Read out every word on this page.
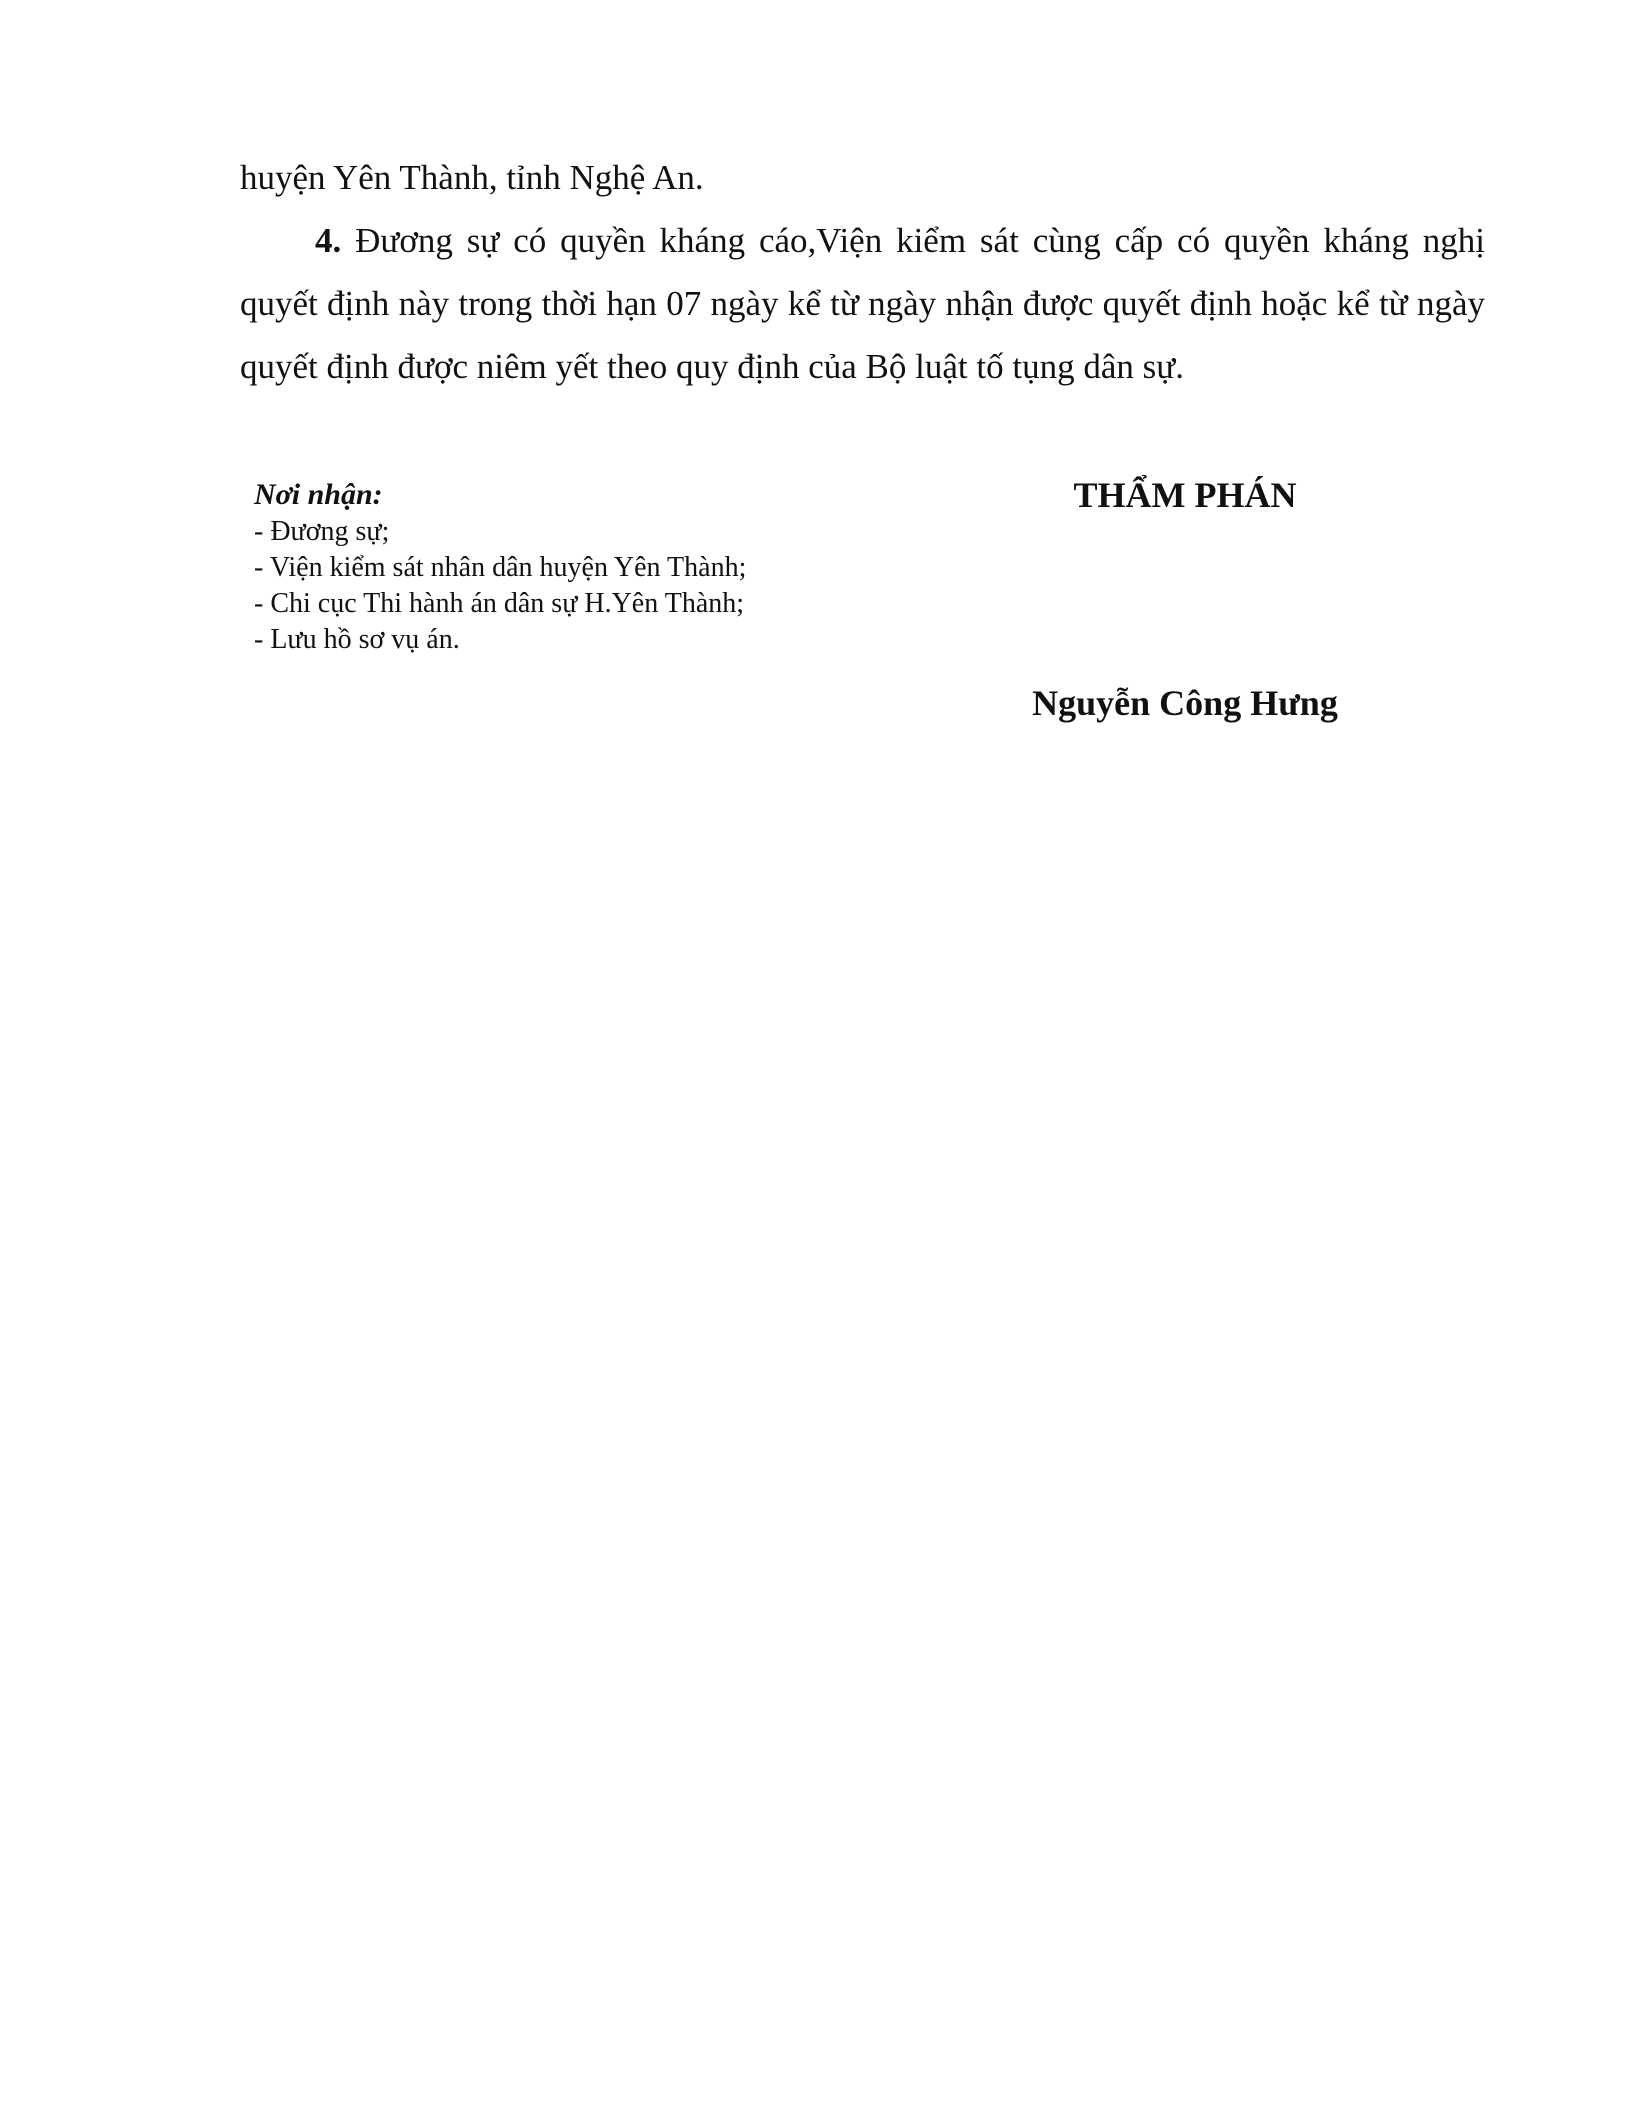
huyện Yên Thành, tỉnh Nghệ An.

4. Đương sự có quyền kháng cáo,Viện kiểm sát cùng cấp có quyền kháng nghị quyết định này trong thời hạn 07 ngày kể từ ngày nhận được quyết định hoặc kể từ ngày quyết định được niêm yết theo quy định của Bộ luật tố tụng dân sự.

Nơi nhận:
- Đương sự;
- Viện kiểm sát nhân dân huyện Yên Thành;
- Chi cục Thi hành án dân sự H.Yên Thành;
- Lưu hồ sơ vụ án.
THẨM PHÁN
Nguyễn Công Hưng
